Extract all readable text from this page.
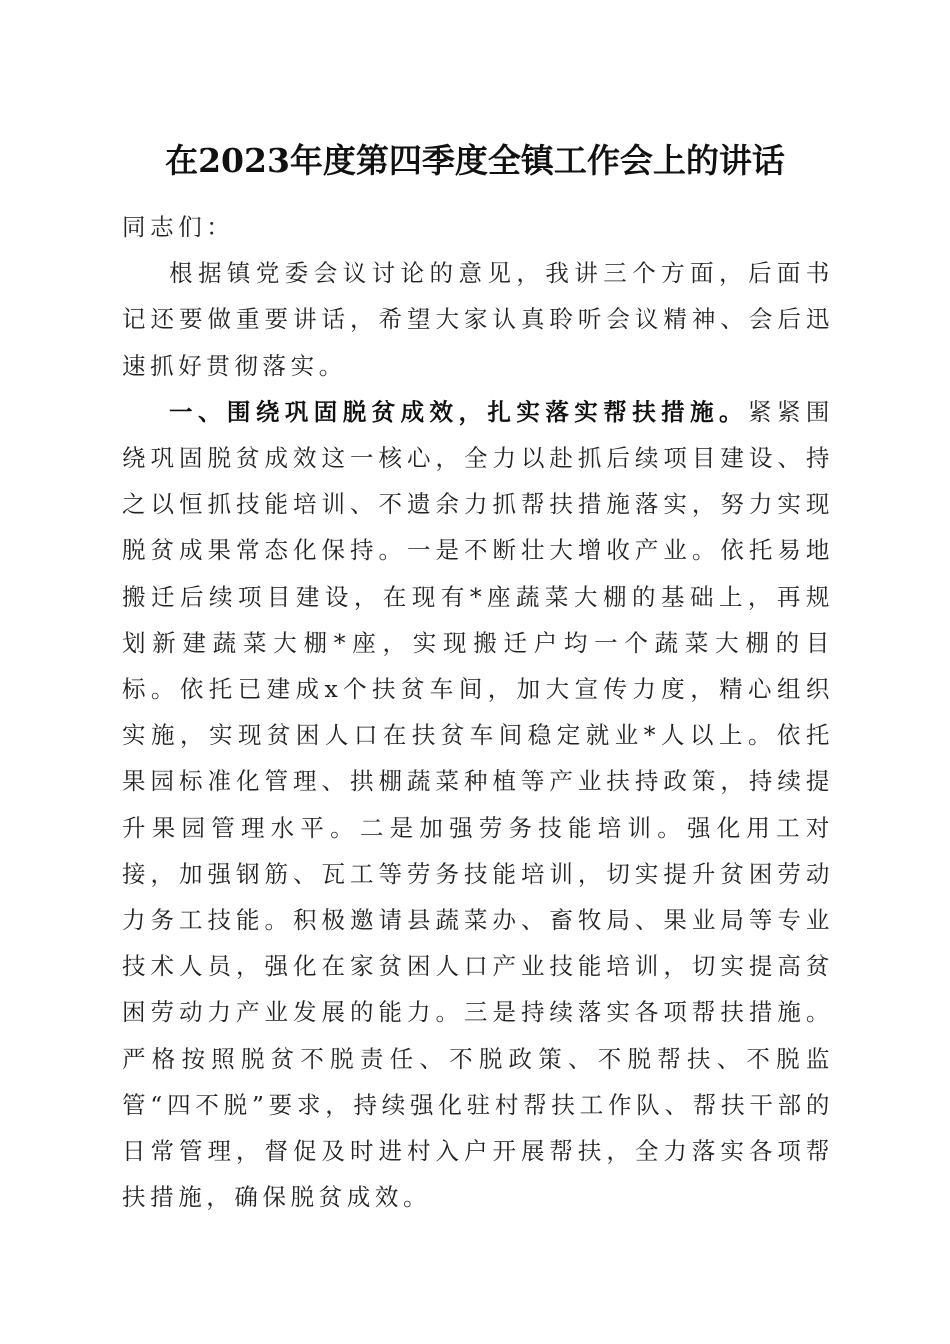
在2023年度第四季度全镇工作会上的讲话

同志们：

根据镇党委会议讨论的意见，我讲三个方面，后面书记还要做重要讲话，希望大家认真聆听会议精神、会后迅速抓好贯彻落实。

一、围绕巩固脱贫成效，扎实落实帮扶措施。紧紧围绕巩固脱贫成效这一核心，全力以赴抓后续项目建设、持之以恒抓技能培训、不遗余力抓帮扶措施落实，努力实现脱贫成果常态化保持。一是不断壮大增收产业。依托易地搬迁后续项目建设，在现有*座蔬菜大棚的基础上，再规划新建蔬菜大棚*座，实现搬迁户均一个蔬菜大棚的目标。依托已建成x个扶贫车间，加大宣传力度，精心组织实施，实现贫困人口在扶贫车间稳定就业*人以上。依托果园标准化管理、拱棚蔬菜种植等产业扶持政策，持续提升果园管理水平。二是加强劳务技能培训。强化用工对接，加强钢筋、瓦工等劳务技能培训，切实提升贫困劳动力务工技能。积极邀请县蔬菜办、畜牧局、果业局等专业技术人员，强化在家贫困人口产业技能培训，切实提高贫困劳动力产业发展的能力。三是持续落实各项帮扶措施。严格按照脱贫不脱责任、不脱政策、不脱帮扶、不脱监管“四不脱”要求，持续强化驻村帮扶工作队、帮扶干部的日常管理，督促及时进村入户开展帮扶，全力落实各项帮扶措施，确保脱贫成效。
